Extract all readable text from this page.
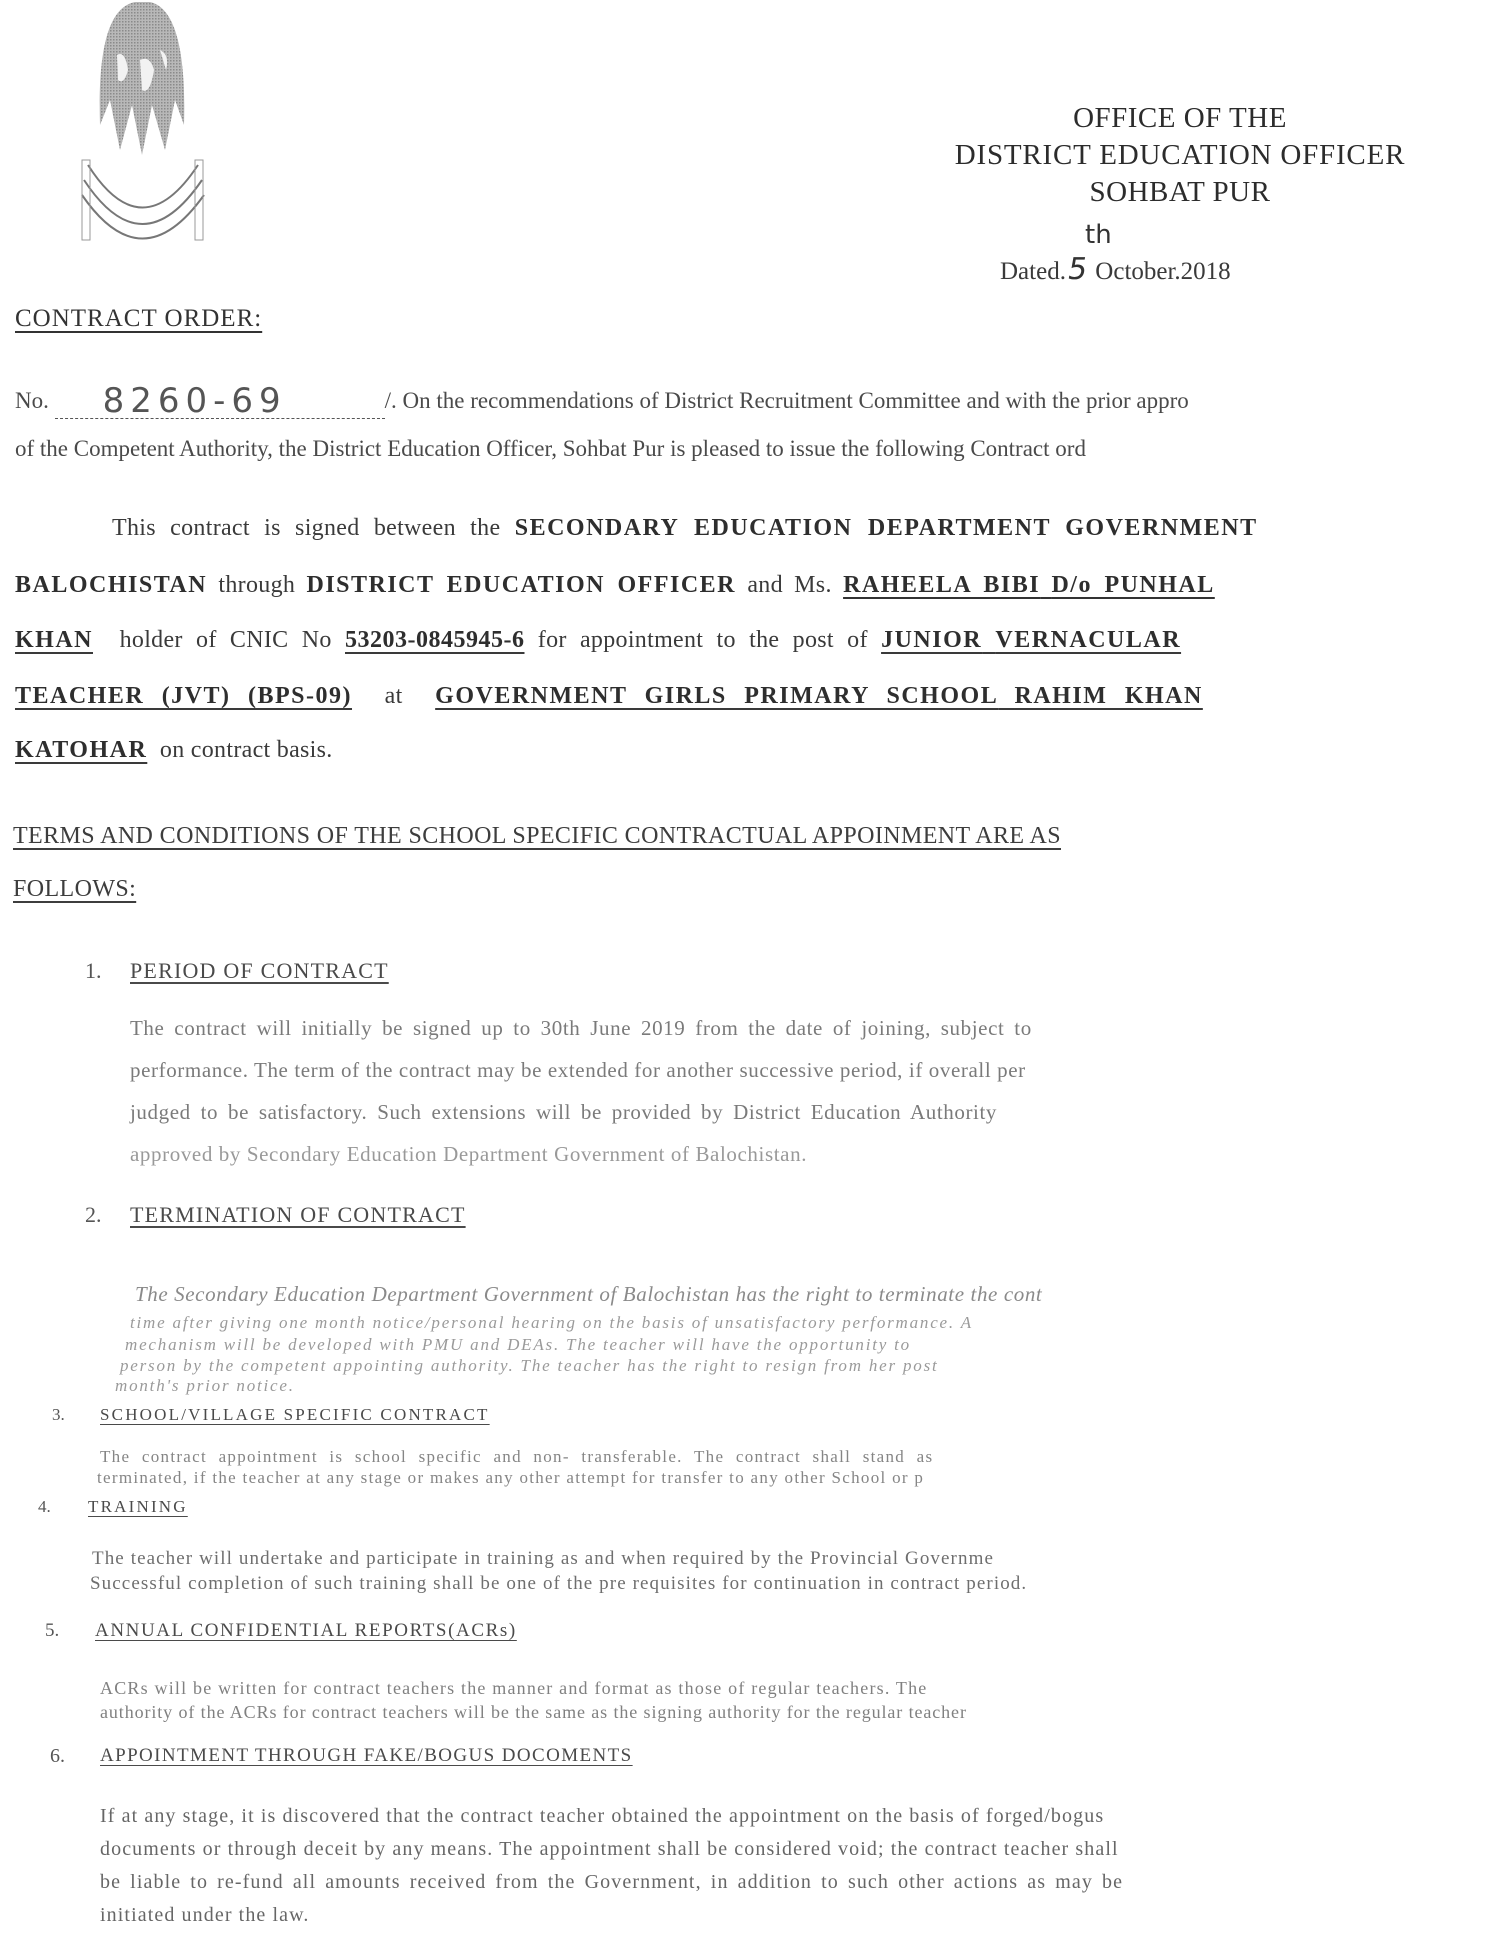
OFFICE OF THE
DISTRICT EDUCATION OFFICER
SOHBAT PUR
Dated.5 October.2018
th
CONTRACT ORDER:
No. 8260-69	/. On the recommendations of District Recruitment Committee and with the prior appro
of the Competent Authority, the District Education Officer, Sohbat Pur is pleased to issue the following Contract ord
This contract is signed between the SECONDARY EDUCATION DEPARTMENT GOVERNMENT
BALOCHISTAN through DISTRICT EDUCATION OFFICER and Ms. RAHEELA BIBI D/o PUNHAL
KHAN holder of CNIC No 53203-0845945-6 for appointment to the post of JUNIOR VERNACULAR
TEACHER (JVT) (BPS-09) at GOVERNMENT GIRLS PRIMARY SCHOOL RAHIM KHAN
KATOHAR on contract basis.
TERMS AND CONDITIONS OF THE SCHOOL SPECIFIC CONTRACTUAL APPOINMENT ARE AS
FOLLOWS:
1. PERIOD OF CONTRACT
The contract will initially be signed up to 30th June 2019 from the date of joining, subject to
performance. The term of the contract may be extended for another successive period, if overall per
judged to be satisfactory. Such extensions will be provided by District Education Authority
approved by Secondary Education Department Government of Balochistan.
2. TERMINATION OF CONTRACT
The Secondary Education Department Government of Balochistan has the right to terminate the cont
time after giving one month notice/personal hearing on the basis of unsatisfactory performance. A
mechanism will be developed with PMU and DEAs. The teacher will have the opportunity to
person by the competent appointing authority. The teacher has the right to resign from her post
month's prior notice.
3. SCHOOL/VILLAGE SPECIFIC CONTRACT
The contract appointment is school specific and non- transferable. The contract shall stand as
terminated, if the teacher at any stage or makes any other attempt for transfer to any other School or p
4. TRAINING
The teacher will undertake and participate in training as and when required by the Provincial Governme
Successful completion of such training shall be one of the pre requisites for continuation in contract period.
5. ANNUAL CONFIDENTIAL REPORTS(ACRs)
ACRs will be written for contract teachers the manner and format as those of regular teachers. The
authority of the ACRs for contract teachers will be the same as the signing authority for the regular teacher
6. APPOINTMENT THROUGH FAKE/BOGUS DOCOMENTS
If at any stage, it is discovered that the contract teacher obtained the appointment on the basis of forged/bogus
documents or through deceit by any means. The appointment shall be considered void; the contract teacher shall
be liable to re-fund all amounts received from the Government, in addition to such other actions as may be
initiated under the law.
